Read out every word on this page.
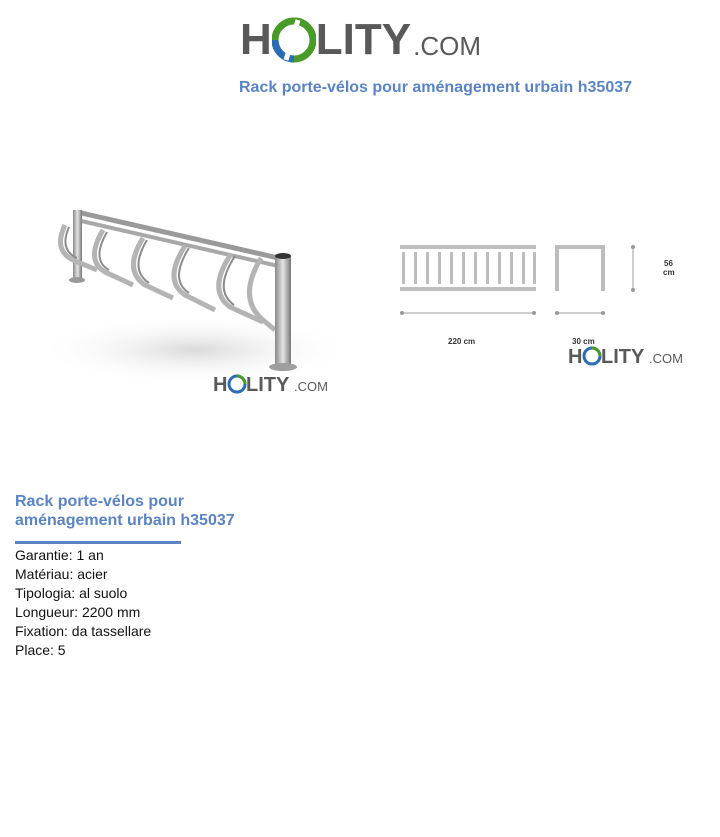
H LITY .COM
Rack porte-vélos pour aménagement urbain h35037
H LITY .COM
56
cm
220 cm	30 cm
H LITY .COM
Rack porte-vélos pour
aménagement urbain h35037
Garantie: 1 an
Matériau: acier
Tipologia: al suolo
Longueur: 2200 mm
Fixation: da tassellare
Place: 5
